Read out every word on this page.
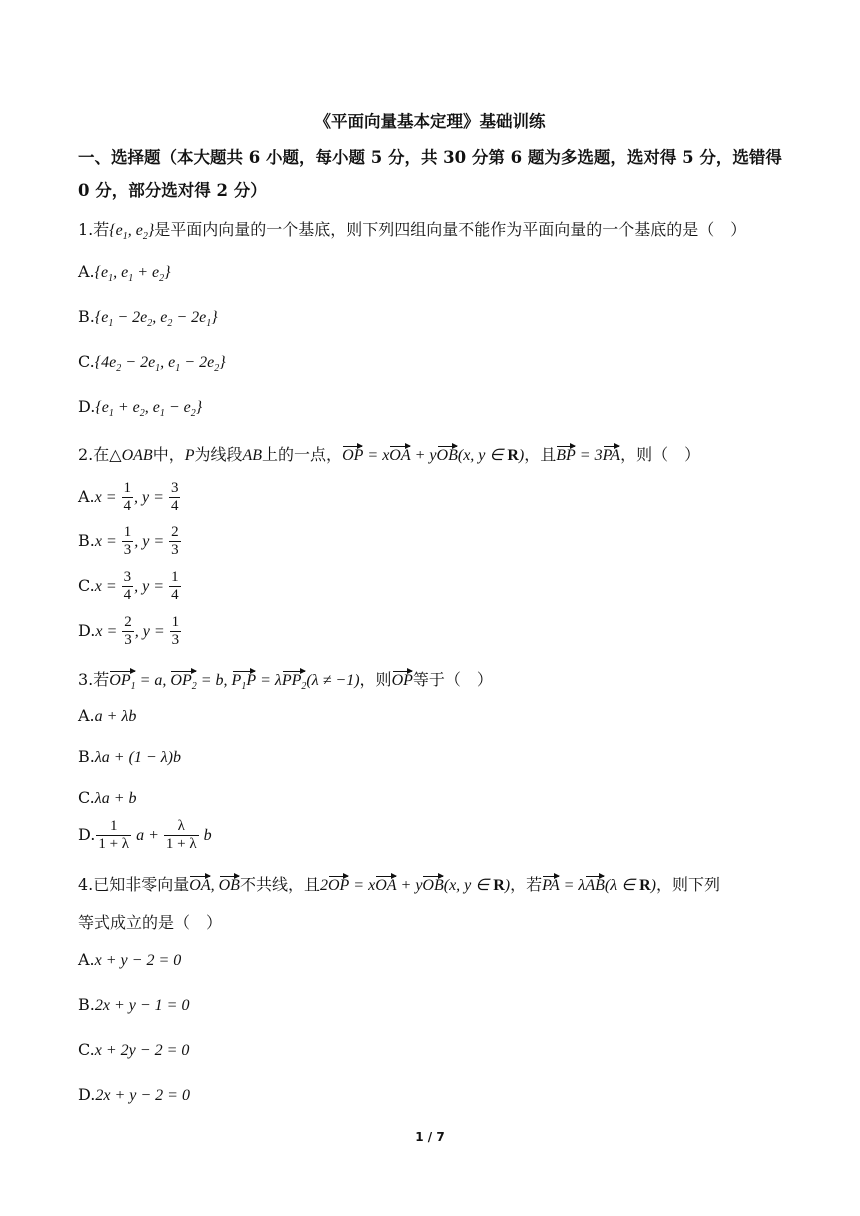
《平面向量基本定理》基础训练
一、选择题（本大题共 6 小题，每小题 5 分，共 30 分第 6 题为多选题，选对得 5 分，选错得 0 分，部分选对得 2 分）
1.若{$e_1$, $e_2$}是平面内向量的一个基底，则下列四组向量不能作为平面向量的一个基底的是（　）
$A.\{e_1$, $e_1 + e_2$}
$B.\{e_1 - 2e_2$, $e_2 - 2e_1$}
$C.\{4e_2 - 2e_1$, $e_1 - 2e_2$}
$D.\{e_1 + e_2$, $e_1 - e_2$}
2.在△OAB中，P为线段AB上的一点，OP = xOA + yOB(x, y ∈ R)，且BP = 3PA，则（　）
$A.x = \frac{1}{4}$ , $y = \frac{3}{4}$
$B.x = \frac{1}{3}$ , $y = \frac{2}{3}$
$C.x = \frac{3}{4}$ , $y = \frac{1}{4}$
$D.x = \frac{2}{3}$ , $y = \frac{1}{3}$
3.若$OP_1 = a$, $OP_2 = b$, $P_1P = \lambda PP_2(\lambda \ne -1)$，则OP等于（　）
A.a + λb
B.λa + (1 − λ)b
C.λa + b
D. $\frac{1}{1 + \lambda}$ $a + \frac{\lambda}{1 + \lambda}$ b
4.已知非零向量OA, OB不共线，且2OP = xOA + yOB(x, y ∈ R)，若PA = λAB(λ ∈ R)，则下列
等式成立的是（　）
A.x + y − 2 = 0
B.2x + y − 1 = 0
C.x + 2y − 2 = 0
D.2x + y − 2 = 0
1 / 7
